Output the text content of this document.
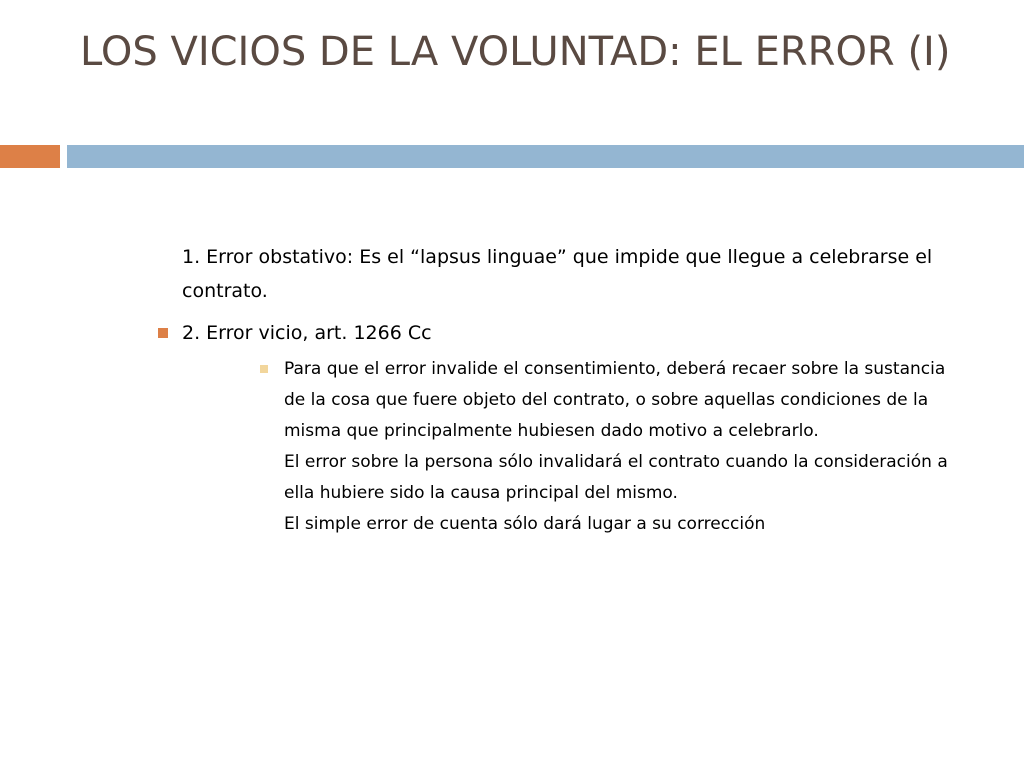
LOS VICIOS DE LA VOLUNTAD: EL ERROR (I)
1. Error obstativo: Es el “lapsus linguae” que impide que llegue a celebrarse el contrato.
2. Error vicio, art. 1266 Cc
Para que el error invalide el consentimiento, deberá recaer sobre la sustancia de la cosa que fuere objeto del contrato, o sobre aquellas condiciones de la misma que principalmente hubiesen dado motivo a celebrarlo.
El error sobre la persona sólo invalidará el contrato cuando la consideración a ella hubiere sido la causa principal del mismo.
El simple error de cuenta sólo dará lugar a su corrección
